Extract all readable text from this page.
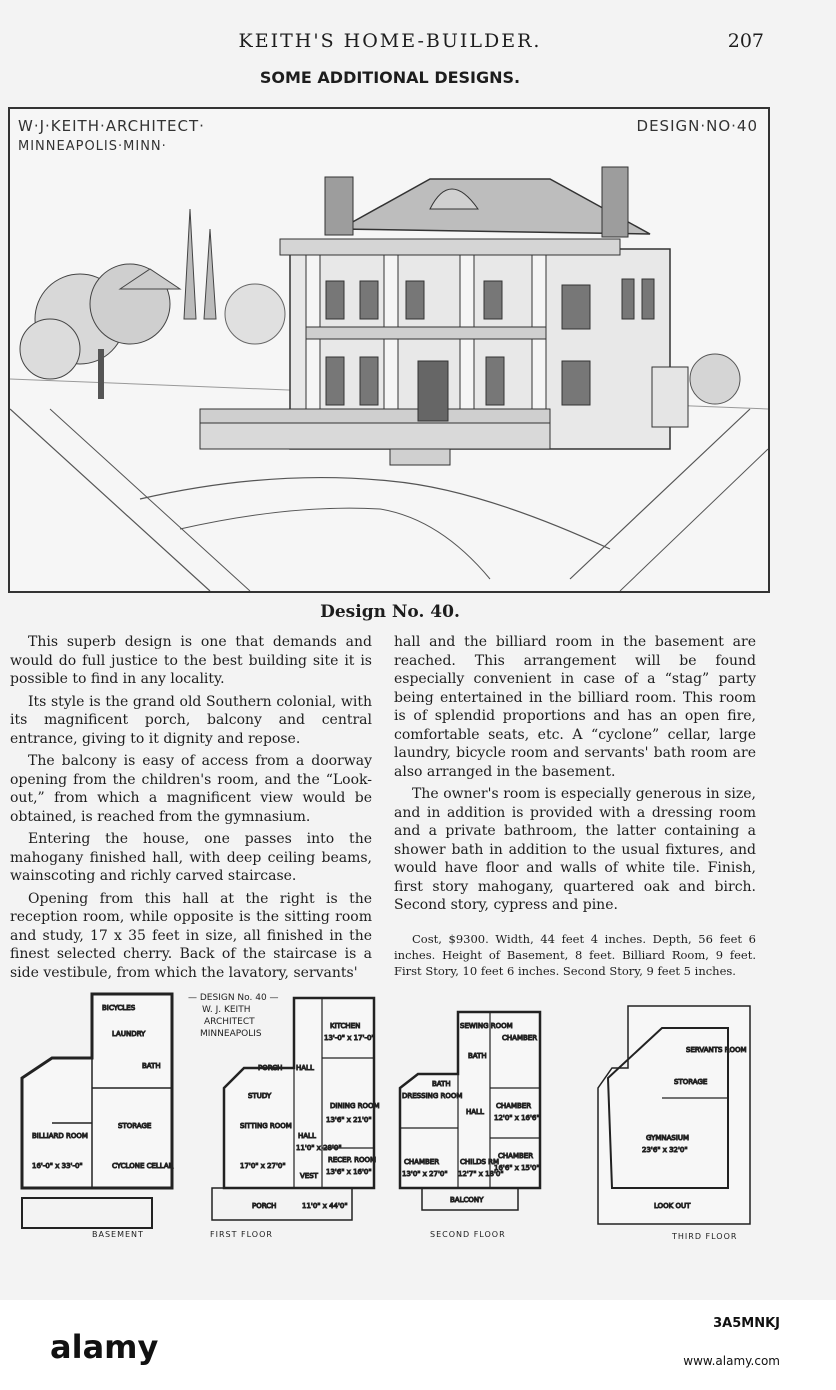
KEITH'S HOME-BUILDER.	207
SOME ADDITIONAL DESIGNS.
W·J·KEITH·ARCHITECT·
MINNEAPOLIS·MINN·
DESIGN·NO·40
Design No. 40.

This superb design is one that demands and would do full justice to the best building site it is possible to find in any locality.

Its style is the grand old Southern colonial, with its magnificent porch, balcony and central entrance, giving to it dignity and repose.

The balcony is easy of access from a doorway opening from the children's room, and the “Look-out,” from which a magnificent view would be obtained, is reached from the gymnasium.

Entering the house, one passes into the mahogany finished hall, with deep ceiling beams, wainscoting and richly carved staircase.

Opening from this hall at the right is the reception room, while opposite is the sitting room and study, 17 x 35 feet in size, all finished in the finest selected cherry. Back of the staircase is a side vestibule, from which the lavatory, servants'

hall and the billiard room in the basement are reached. This arrangement will be found especially convenient in case of a “stag” party being entertained in the billiard room. This room is of splendid proportions and has an open fire, comfortable seats, etc. A “cyclone” cellar, large laundry, bicycle room and servants' bath room are also arranged in the basement.

The owner's room is especially generous in size, and in addition is provided with a dressing room and a private bathroom, the latter containing a shower bath in addition to the usual fixtures, and would have floor and walls of white tile. Finish, first story mahogany, quartered oak and birch. Second story, cypress and pine.

Cost, $9300. Width, 44 feet 4 inches. Depth, 56 feet 6 inches. Height of Basement, 8 feet. Billiard Room, 9 feet. First Story, 10 feet 6 inches. Second Story, 9 feet 5 inches.
BICYCLES
LAUNDRY
BILLIARD ROOM
16'-0" x 33'-0"
STORAGE
CYCLONE CELLAR
BATH
— DESIGN No. 40 —
W. J. KEITH
ARCHITECT
MINNEAPOLIS
KITCHEN
13'-0" x 17'-0"
PORCH HALL
STUDY
SITTING ROOM
17'0" x 27'0"
HALL
11'0" x 28'0"
DINING ROOM
13'6" x 21'0"
RECEP. ROOM
13'6" x 16'0"
VEST
PORCH	11'0" x 44'0"
SEWING ROOM
CHAMBER
BATH
DRESSING ROOM
BATH
HALL
CHAMBER
12'0" x 16'6"
CHAMBER
13'0" x 27'0"
CHILDS RM
12'7" x 18'0"
CHAMBER
16'6" x 15'0"
BALCONY
SERVANTS ROOM
STORAGE
GYMNASIUM
23'6" x 32'0"
LOOK OUT
BASEMENT	FIRST FLOOR	SECOND FLOOR	THIRD FLOOR
alamy
3A5MNKJ
www.alamy.com
